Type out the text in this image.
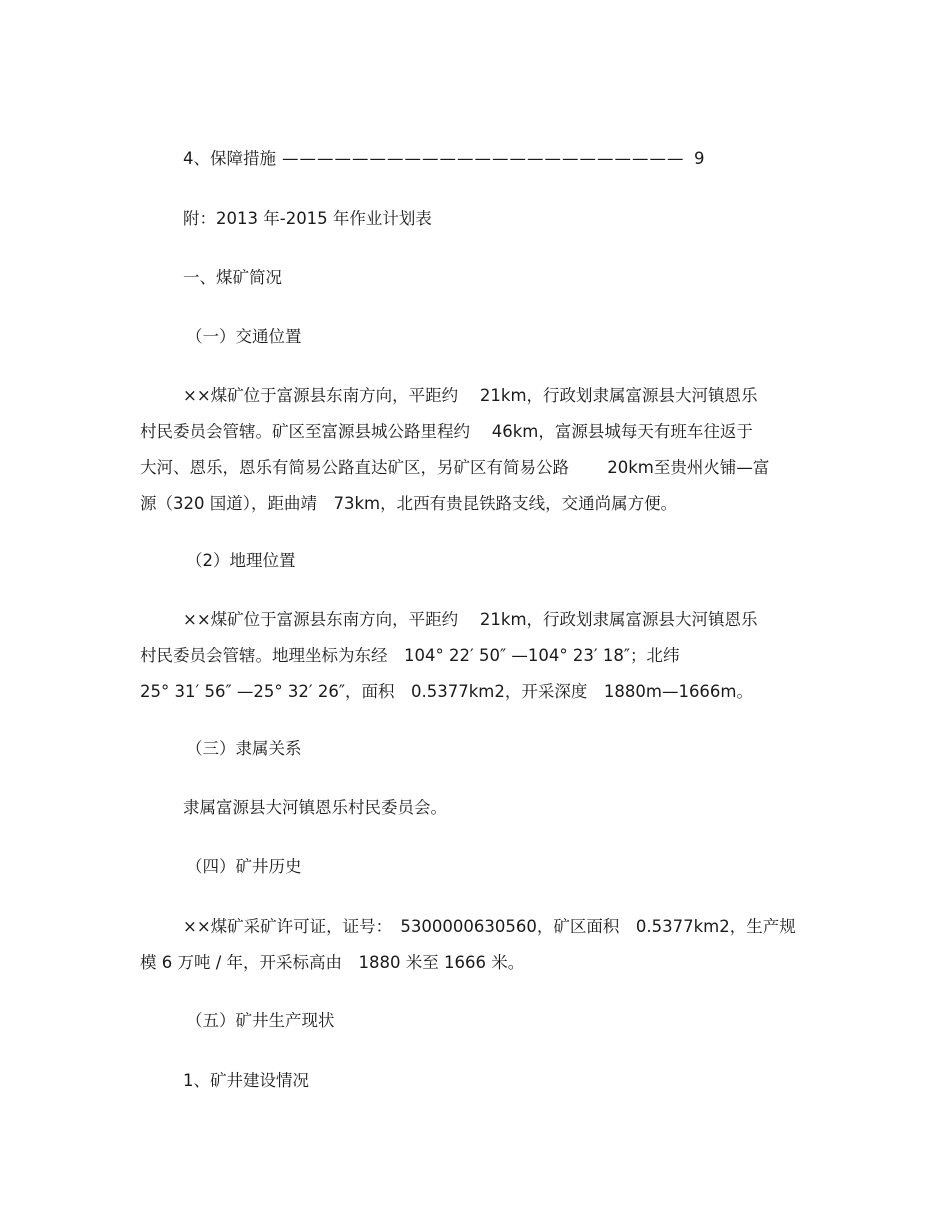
4、保障措施 ——————————————————————— 9
附：2013 年-2015 年作业计划表
一、煤矿简况
（一）交通位置
××煤矿位于富源县东南方向，平距约　 21km，行政划隶属富源县大河镇恩乐
村民委员会管辖。矿区至富源县城公路里程约　 46km，富源县城每天有班车往返于
大河、恩乐，恩乐有简易公路直达矿区，另矿区有简易公路　　 20km至贵州火铺—富
源（320 国道），距曲靖　73km，北西有贵昆铁路支线，交通尚属方便。
（2）地理位置
××煤矿位于富源县东南方向，平距约　 21km，行政划隶属富源县大河镇恩乐
村民委员会管辖。地理坐标为东经　104° 22′ 50″ —104° 23′ 18″；北纬
25° 31′ 56″ —25° 32′ 26″，面积　0.5377km2，开采深度　1880m—1666m。
（三）隶属关系
隶属富源县大河镇恩乐村民委员会。
（四）矿井历史
××煤矿采矿许可证，证号：　5300000630560，矿区面积　0.5377km2，生产规
模 6 万吨 / 年，开采标高由　1880 米至 1666 米。
（五）矿井生产现状
1、矿井建设情况
